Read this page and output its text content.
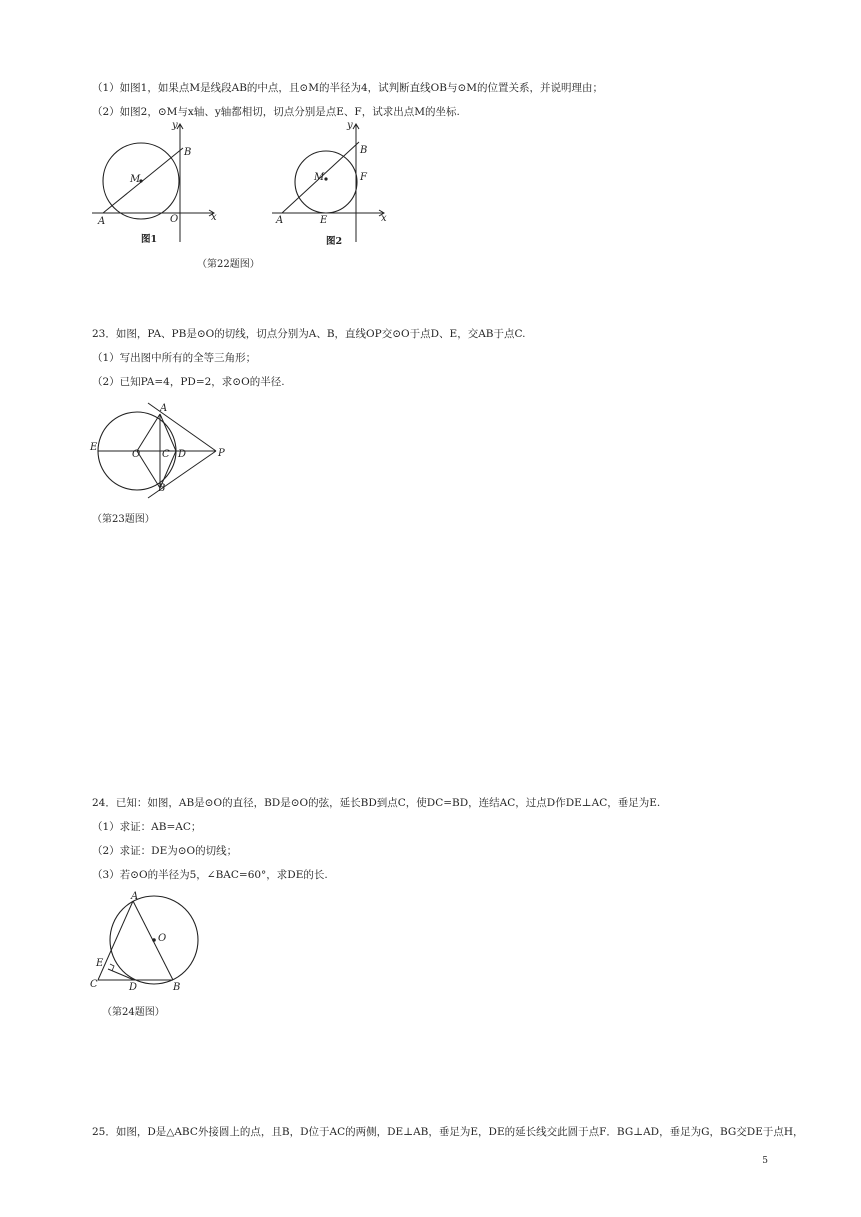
（1）如图1，如果点M是线段AB的中点，且⊙M的半径为4，试判断直线OB与⊙M的位置关系，并说明理由；
（2）如图2，⊙M与x轴、y轴都相切，切点分别是点E、F，试求出点M的坐标.
y
x
A
B
M
O
图1
y
x
A
B
M
E
F
图2
（第22题图）
23．如图，PA、PB是⊙O的切线，切点分别为A、B，直线OP交⊙O于点D、E，交AB于点C.
（1）写出图中所有的全等三角形；
（2）已知PA=4，PD=2，求⊙O的半径.
A
B
C D
E
O	P
（第23题图）
24．已知：如图，AB是⊙O的直径，BD是⊙O的弦，延长BD到点C，使DC=BD，连结AC，过点D作DE⊥AC，垂足为E.
（1）求证：AB=AC；
（2）求证：DE为⊙O的切线；
（3）若⊙O的半径为5，∠BAC=60°，求DE的长.
A
B
C	D
E
O
（第24题图）
25．如图，D是△ABC外接圆上的点，且B，D位于AC的两侧，DE⊥AB，垂足为E，DE的延长线交此圆于点F．BG⊥AD，垂足为G，BG交DE于点H，
5
